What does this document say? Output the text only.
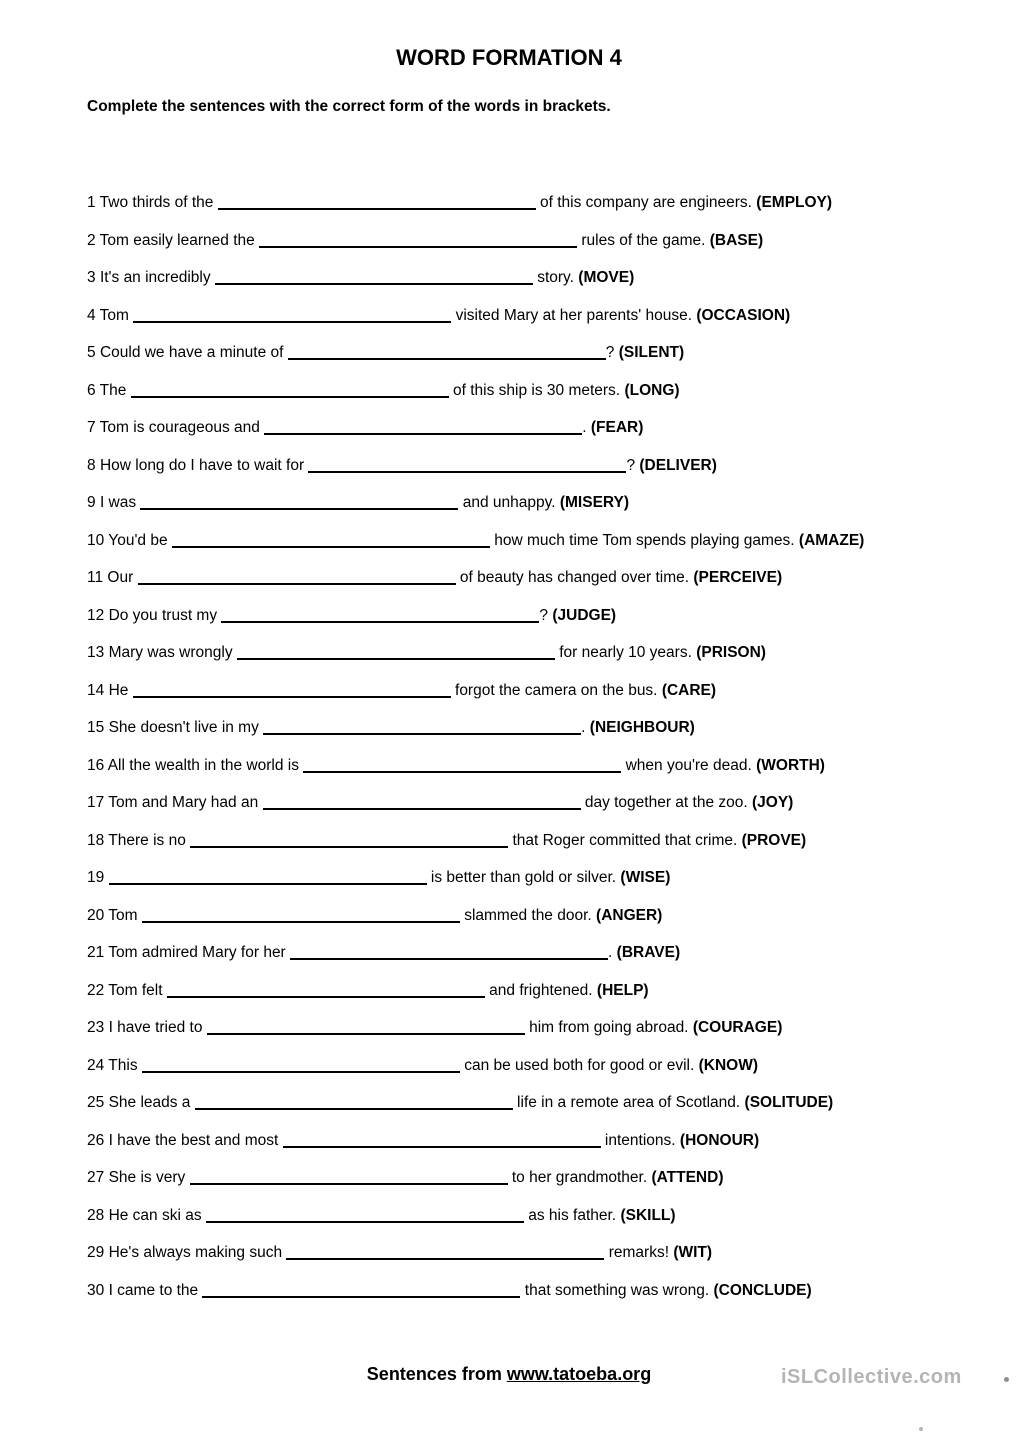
WORD FORMATION 4

Complete the sentences with the correct form of the words in brackets.

1 Two thirds of the	of this company are engineers. (EMPLOY)

2 Tom easily learned the	rules of the game. (BASE)

3 It's an incredibly	story. (MOVE)

4 Tom	visited Mary at her parents' house. (OCCASION)

5 Could we have a minute of	? (SILENT)

6 The	of this ship is 30 meters. (LONG)

7 Tom is courageous and	. (FEAR)

8 How long do I have to wait for	? (DELIVER)

9 I was	and unhappy. (MISERY)

10 You'd be	how much time Tom spends playing games. (AMAZE)

11 Our	of beauty has changed over time. (PERCEIVE)

12 Do you trust my	? (JUDGE)

13 Mary was wrongly	for nearly 10 years. (PRISON)

14 He	forgot the camera on the bus. (CARE)

15 She doesn't live in my	. (NEIGHBOUR)

16 All the wealth in the world is	when you're dead. (WORTH)

17 Tom and Mary had an	day together at the zoo. (JOY)

18 There is no	that Roger committed that crime. (PROVE)

19	is better than gold or silver. (WISE)

20 Tom	slammed the door. (ANGER)

21 Tom admired Mary for her	. (BRAVE)

22 Tom felt	and frightened. (HELP)

23 I have tried to	him from going abroad. (COURAGE)

24 This	can be used both for good or evil. (KNOW)

25 She leads a	life in a remote area of Scotland. (SOLITUDE)

26 I have the best and most	intentions. (HONOUR)

27 She is very	to her grandmother. (ATTEND)

28 He can ski as	as his father. (SKILL)

29 He's always making such	remarks! (WIT)

30 I came to the	that something was wrong. (CONCLUDE)

Sentences from www.tatoeba.org	iSLCollective.com
